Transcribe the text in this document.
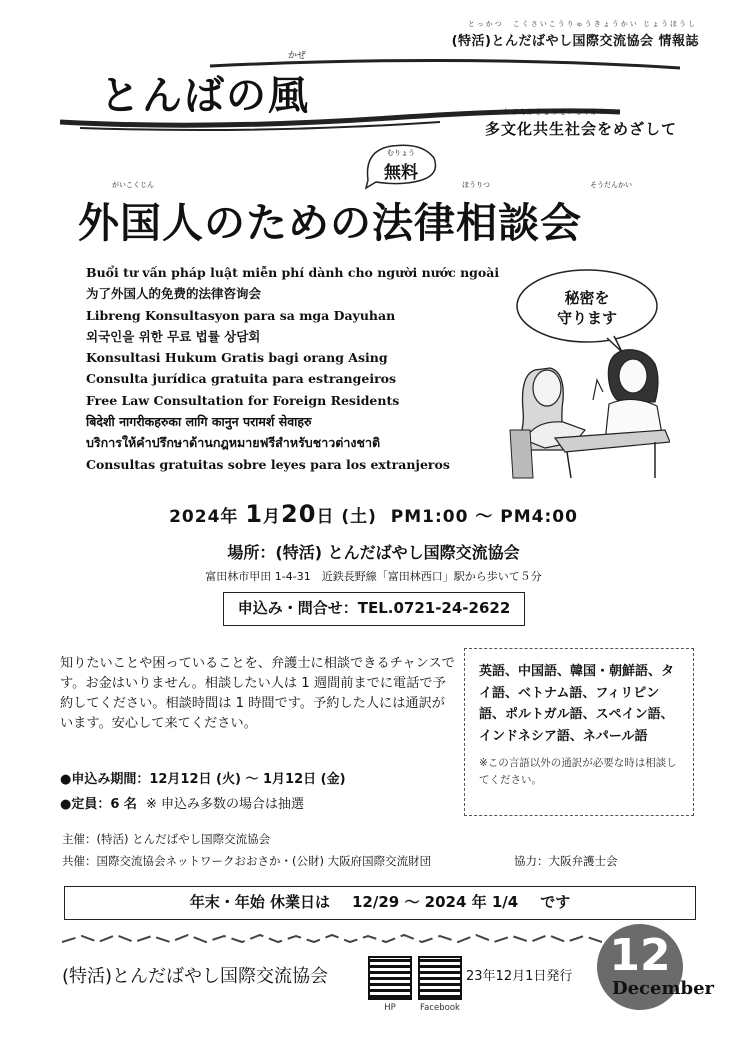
とっかつ　こくさいこうりゅうきょうかい じょうほうし
(特活)とんだばやし国際交流協会 情報誌
かぜ
とんばの風	たぶんかきょうせいしゃかい
多文化共生社会をめざして
むりょう
無料
がいこくじん	ほうりつ	そうだんかい
外国人のための法律相談会
Buổi tư vấn pháp luật miễn phí dành cho người nước ngoài
为了外国人的免费的法律咨询会
Libreng Konsultasyon para sa mga Dayuhan
외국인을 위한 무료 법률 상담회
Konsultasi Hukum Gratis bagi orang Asing
Consulta jurídica gratuita para estrangeiros
Free Law Consultation for Foreign Residents
बिदेशी नागरीकहरुका लागि कानुन परामर्श सेवाहरु
บริการให้คำปรึกษาด้านกฎหมายฟรีสำหรับชาวต่างชาติ
Consultas gratuitas sobre leyes para los extranjeros
秘密を
守ります
2024年 1月20日 (土) PM1:00 ～ PM4:00
場所：(特活) とんだばやし国際交流協会
富田林市甲田 1-4-31　近鉄長野線「富田林西口」駅から歩いて５分
申込み・問合せ：TEL.0721-24-2622
知りたいことや困っていることを、弁護士に相談できるチャンスです。お金はいりません。相談したい人は 1 週間前までに電話で予約してください。相談時間は 1 時間です。予約した人には通訳がいます。安心して来てください。
英語、中国語、韓国・朝鮮語、タイ語、ベトナム語、フィリピン語、ポルトガル語、スペイン語、インドネシア語、ネパール語
※この言語以外の通訳が必要な時は相談してください。
●申込み期間：12月12日 (火) ～ 1月12日 (金)
●定員：6 名 ※ 申込み多数の場合は抽選
主催：(特活) とんだばやし国際交流協会
共催：国際交流協会ネットワークおおさか・(公財) 大阪府国際交流財団	協力：大阪弁護士会
年末・年始 休業日は 12/29 ～ 2024 年 1/4 です
(特活)とんだばやし国際交流協会
HP	Facebook
23年12月1日発行 12
December
